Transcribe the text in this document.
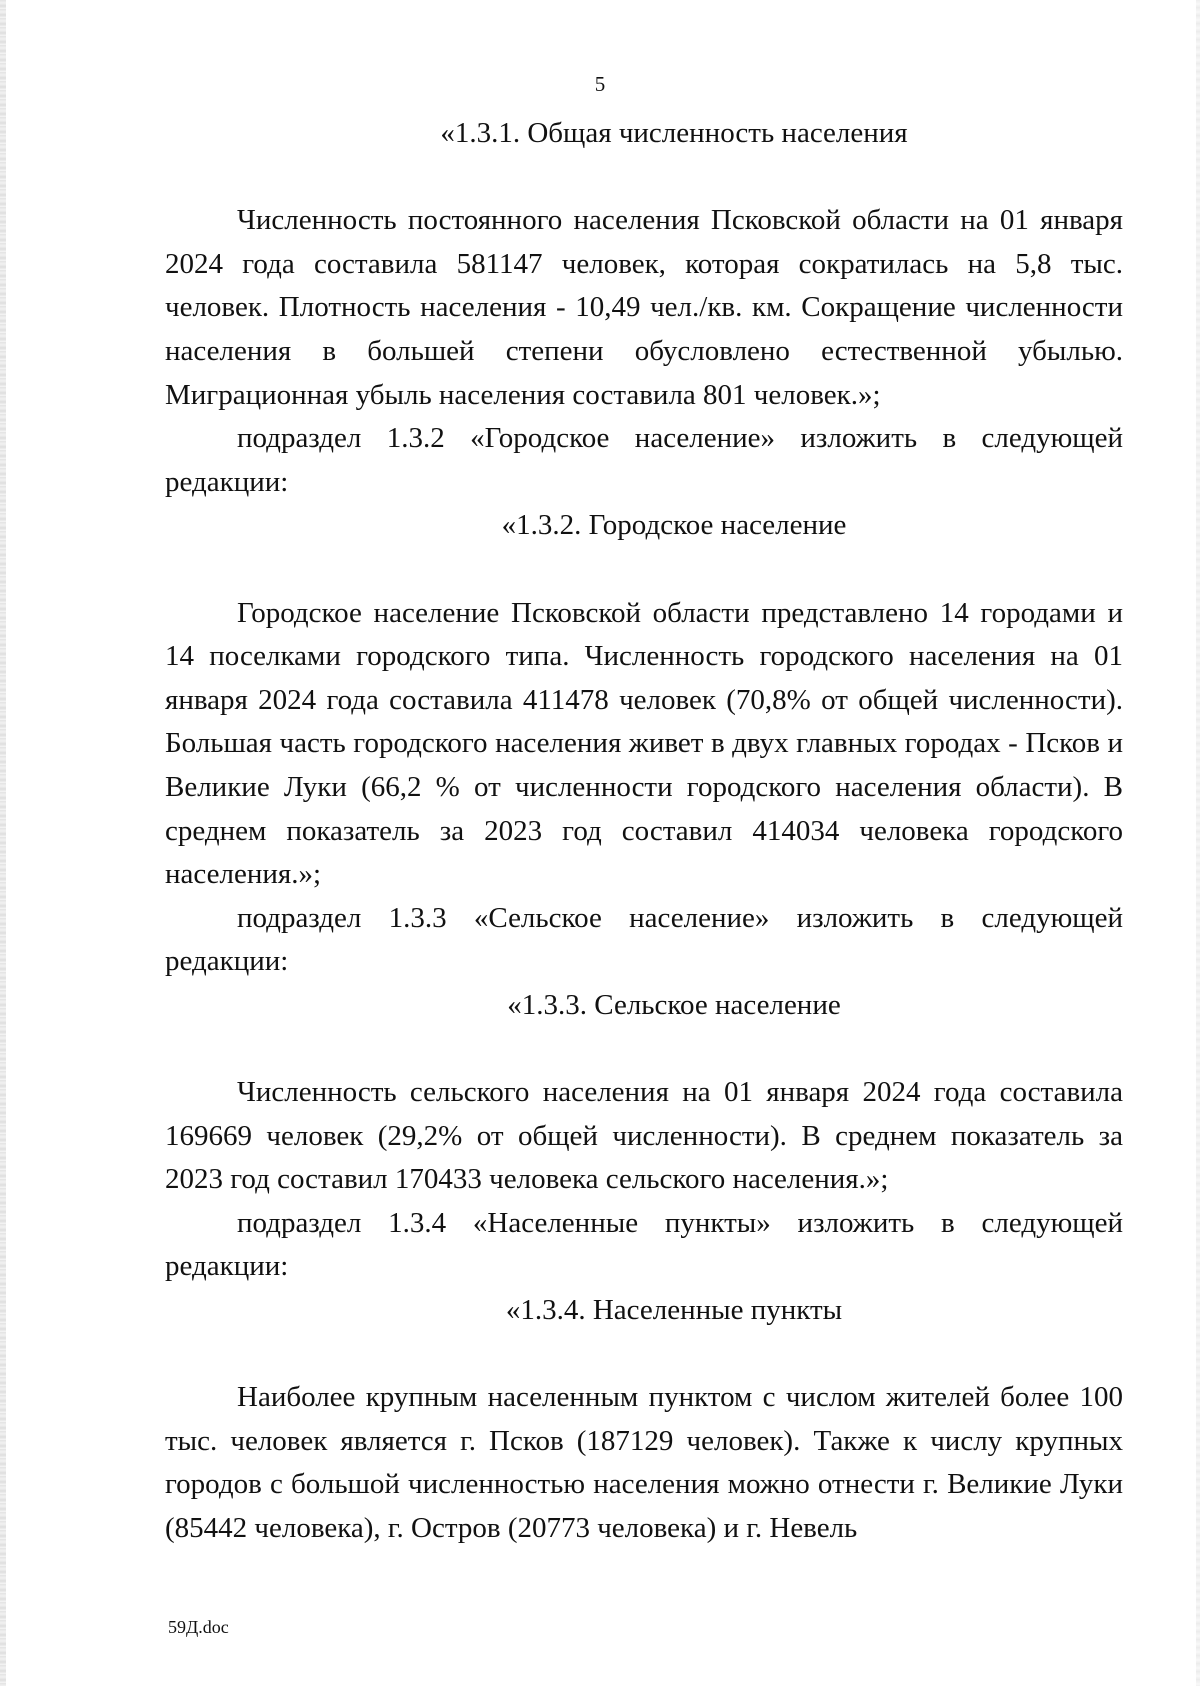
5

«1.3.1. Общая численность населения

Численность постоянного населения Псковской области на 01 января 2024 года составила 581147 человек, которая сократилась на 5,8 тыс. человек. Плотность населения - 10,49 чел./кв. км. Сокращение численности населения в большей степени обусловлено естественной убылью. Миграционная убыль населения составила 801 человек.»;

подраздел 1.3.2 «Городское население» изложить в следующей редакции:

«1.3.2. Городское население

Городское население Псковской области представлено 14 городами и 14 поселками городского типа. Численность городского населения на 01 января 2024 года составила 411478 человек (70,8% от общей численности). Большая часть городского населения живет в двух главных городах - Псков и Великие Луки (66,2 % от численности городского населения области). В среднем показатель за 2023 год составил 414034 человека городского населения.»;

подраздел 1.3.3 «Сельское население» изложить в следующей редакции:

«1.3.3. Сельское население

Численность сельского населения на 01 января 2024 года составила 169669 человек (29,2% от общей численности). В среднем показатель за 2023 год составил 170433 человека сельского населения.»;

подраздел 1.3.4 «Населенные пункты» изложить в следующей редакции:

«1.3.4. Населенные пункты

Наиболее крупным населенным пунктом с числом жителей более 100 тыс. человек является г. Псков (187129 человек). Также к числу крупных городов с большой численностью населения можно отнести г. Великие Луки (85442 человека), г. Остров (20773 человека) и г. Невель

59Д.doc
